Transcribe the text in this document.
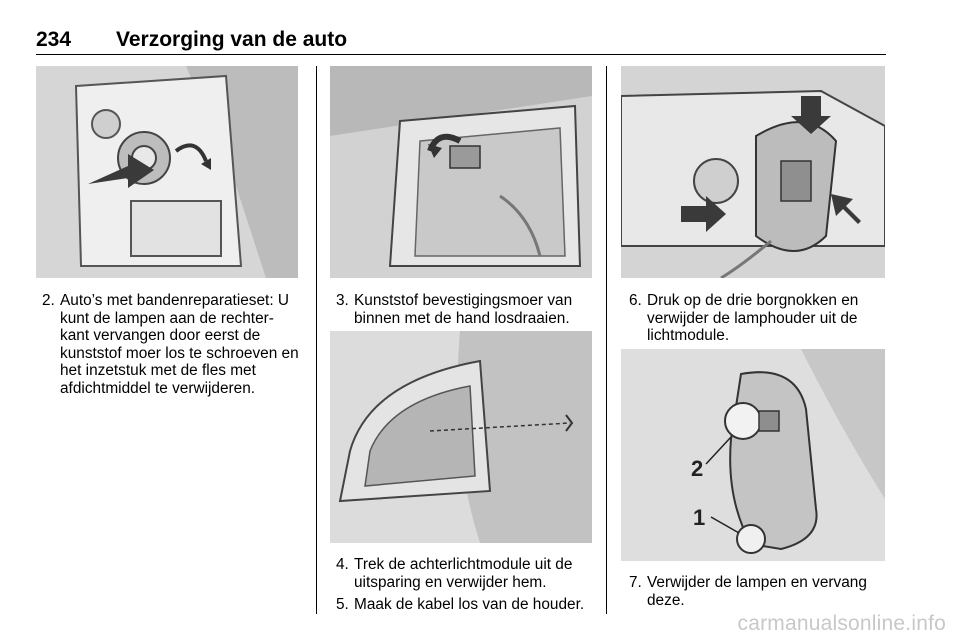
234 Verzorging van de auto
2
1
2. Auto’s met bandenreparatieset: U kunt de lampen aan de rechter-kant vervangen door eerst de kunststof moer los te schroeven en het inzetstuk met de fles met afdichtmiddel te verwijderen.
3. Kunststof bevestigingsmoer van binnen met de hand losdraaien.
4. Trek de achterlichtmodule uit de uitsparing en verwijder hem.
5. Maak de kabel los van de houder.
6. Druk op de drie borgnokken en verwijder de lamphouder uit de lichtmodule.
7. Verwijder de lampen en vervang deze.
carmanualsonline.info
